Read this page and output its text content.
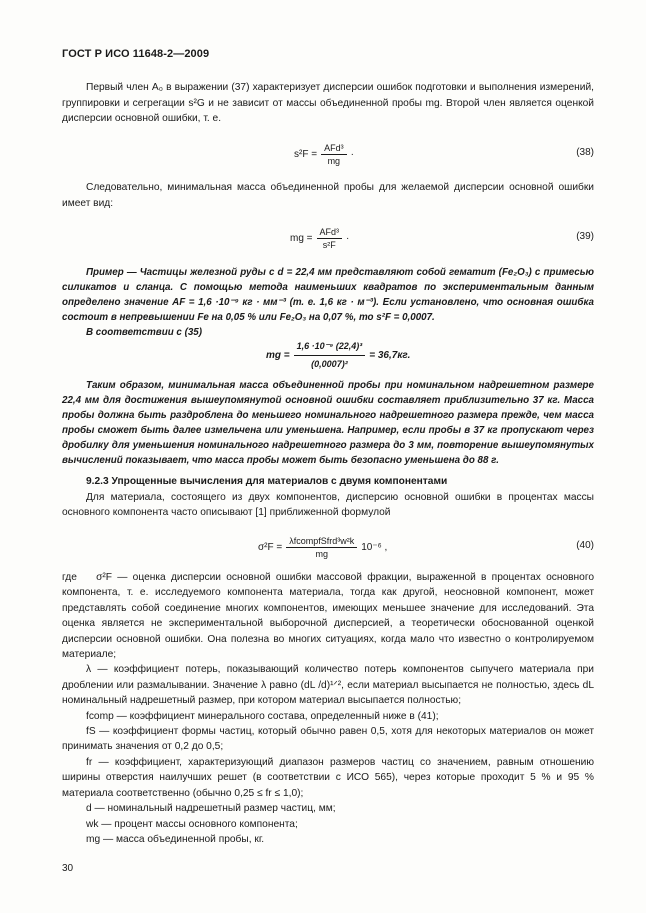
ГОСТ Р ИСО 11648-2—2009

Первый член A₀ в выражении (37) характеризует дисперсии ошибок подготовки и выполнения измерений, группировки и сегрегации s²G и не зависит от массы объединенной пробы mg. Второй член является оценкой дисперсии основной ошибки, т. е.

$s^2F = \frac{\text{AFd³}}{mg}$ ·	(38)

Следовательно, минимальная масса объединенной пробы для желаемой дисперсии основной ошибки имеет вид:

mg = $\frac{\text{AFd³}}{\text{s²F}}$ ·	(39)

Пример — Частицы железной руды с d = 22,4 мм представляют собой гематит (Fe₂O₃) с примесью силикатов и сланца. С помощью метода наименьших квадратов по экспериментальным данным определено значение AF = 1,6 ·10⁻⁹ кг · мм⁻³ (т. е. 1,6 кг · м⁻³). Если установлено, что основная ошибка состоит в непревышении Fe на 0,05 % или Fe₂O₃ на 0,07 %, то s²F = 0,0007.

В соответствии с (35)

mg = $\frac{\text{1,6 ·10⁻⁹ (22,4)³}}{\text{(0,0007)²}} = 36,7кг$.

Таким образом, минимальная масса объединенной пробы при номинальном надрешетном размере 22,4 мм для достижения вышеупомянутой основной ошибки составляет приблизительно 37 кг. Масса пробы должна быть раздроблена до меньшего номинального надрешетного размера прежде, чем масса пробы сможет быть далее измельчена или уменьшена. Например, если пробы в 37 кг пропускают через дробилку для уменьшения номинального надрешетного размера до 3 мм, повторение вышеупомянутых вычислений показывает, что масса пробы может быть безопасно уменьшена до 88 г.

9.2.3 Упрощенные вычисления для материалов с двумя компонентами

Для материала, состоящего из двух компонентов, дисперсию основной ошибки в процентах массы основного компонента часто описывают [1] приближенной формулой

$\sigma^2F = \frac{\text{λfcompfSfrd³w²k}}{mg} 10^{-6}$ ,	(40)

где σ²F — оценка дисперсии основной ошибки массовой фракции, выраженной в процентах основного компонента, т. е. исследуемого компонента материала, тогда как другой, неосновной компонент, может представлять собой соединение многих компонентов, имеющих меньшее значение для исследований. Эта оценка является не экспериментальной выборочной дисперсией, а теоретически обоснованной оценкой дисперсии основной ошибки. Она полезна во многих ситуациях, когда мало что известно о контролируемом материале;

λ — коэффициент потерь, показывающий количество потерь компонентов сыпучего материала при дроблении или размалывании. Значение λ равно (dL /d)¹ᐟ², если материал высыпается не полностью, здесь dL номинальный надрешетный размер, при котором материал высыпается полностью;

fcomp — коэффициент минерального состава, определенный ниже в (41);

fS — коэффициент формы частиц, который обычно равен 0,5, хотя для некоторых материалов он может принимать значения от 0,2 до 0,5;

fr — коэффициент, характеризующий диапазон размеров частиц со значением, равным отношению ширины отверстия наилучших решет (в соответствии с ИСО 565), через которые проходит 5 % и 95 % материала соответственно (обычно 0,25 ≤ fr ≤ 1,0);

d — номинальный надрешетный размер частиц, мм;

wk — процент массы основного компонента;

mg — масса объединенной пробы, кг.

30
